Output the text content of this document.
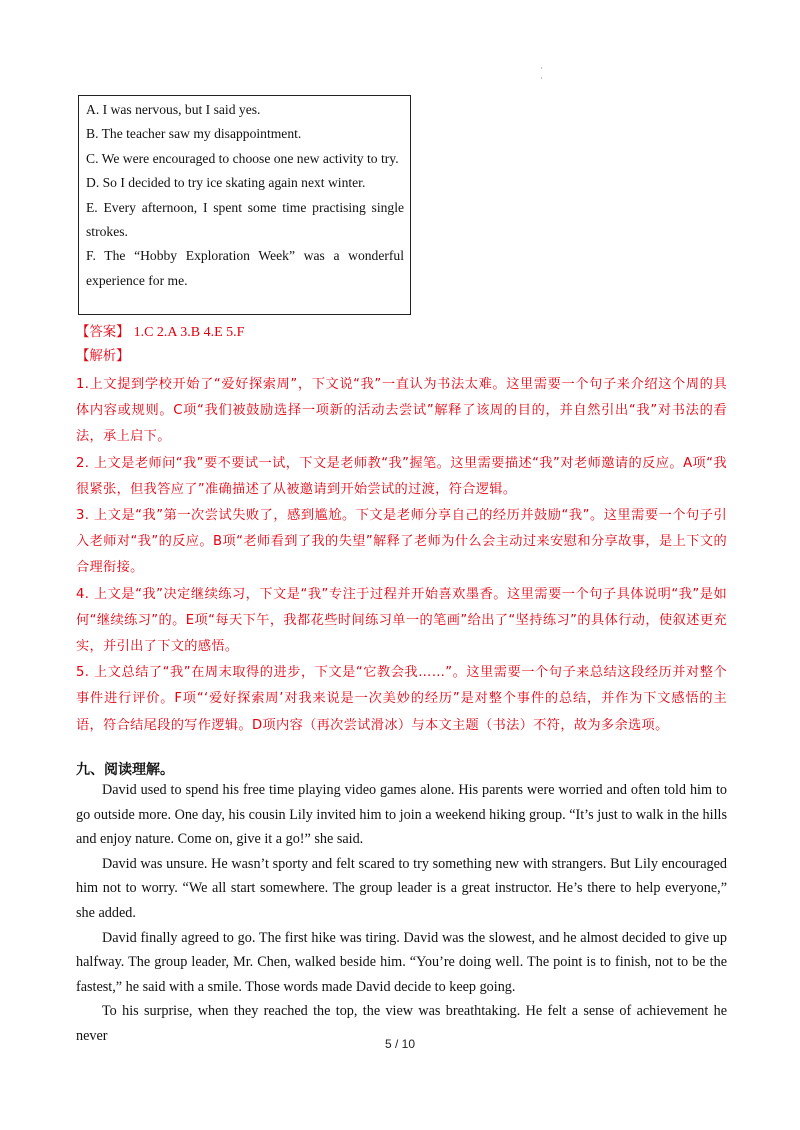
·
·
A. I was nervous, but I said yes.
B. The teacher saw my disappointment.
C. We were encouraged to choose one new activity to try.
D. So I decided to try ice skating again next winter.
E. Every afternoon, I spent some time practising single strokes.
F. The “Hobby Exploration Week” was a wonderful experience for me.
【答案】 1.C 2.A 3.B 4.E 5.F
【解析】

1.上文提到学校开始了“爱好探索周”，下文说“我”一直认为书法太难。这里需要一个句子来介绍这个周的具体内容或规则。C项“我们被鼓励选择一项新的活动去尝试”解释了该周的目的，并自然引出“我”对书法的看法，承上启下。

2. 上文是老师问“我”要不要试一试，下文是老师教“我”握笔。这里需要描述“我”对老师邀请的反应。A项“我很紧张，但我答应了”准确描述了从被邀请到开始尝试的过渡，符合逻辑。

3. 上文是“我”第一次尝试失败了，感到尴尬。下文是老师分享自己的经历并鼓励“我”。这里需要一个句子引入老师对“我”的反应。B项“老师看到了我的失望”解释了老师为什么会主动过来安慰和分享故事，是上下文的合理衔接。

4. 上文是“我”决定继续练习，下文是“我”专注于过程并开始喜欢墨香。这里需要一个句子具体说明“我”是如何“继续练习”的。E项“每天下午，我都花些时间练习单一的笔画”给出了“坚持练习”的具体行动，使叙述更充实，并引出了下文的感悟。

5. 上文总结了“我”在周末取得的进步，下文是“它教会我……”。这里需要一个句子来总结这段经历并对整个事件进行评价。F项“‘爱好探索周’对我来说是一次美妙的经历”是对整个事件的总结，并作为下文感悟的主语，符合结尾段的写作逻辑。D项内容（再次尝试滑冰）与本文主题（书法）不符，故为多余选项。

九、阅读理解。

David used to spend his free time playing video games alone. His parents were worried and often told him to go outside more. One day, his cousin Lily invited him to join a weekend hiking group. “It’s just to walk in the hills and enjoy nature. Come on, give it a go!” she said.

David was unsure. He wasn’t sporty and felt scared to try something new with strangers. But Lily encouraged him not to worry. “We all start somewhere. The group leader is a great instructor. He’s there to help everyone,” she added.

David finally agreed to go. The first hike was tiring. David was the slowest, and he almost decided to give up halfway. The group leader, Mr. Chen, walked beside him. “You’re doing well. The point is to finish, not to be the fastest,” he said with a smile. Those words made David decide to keep going.

To his surprise, when they reached the top, the view was breathtaking. He felt a sense of achievement he never

5 / 10
